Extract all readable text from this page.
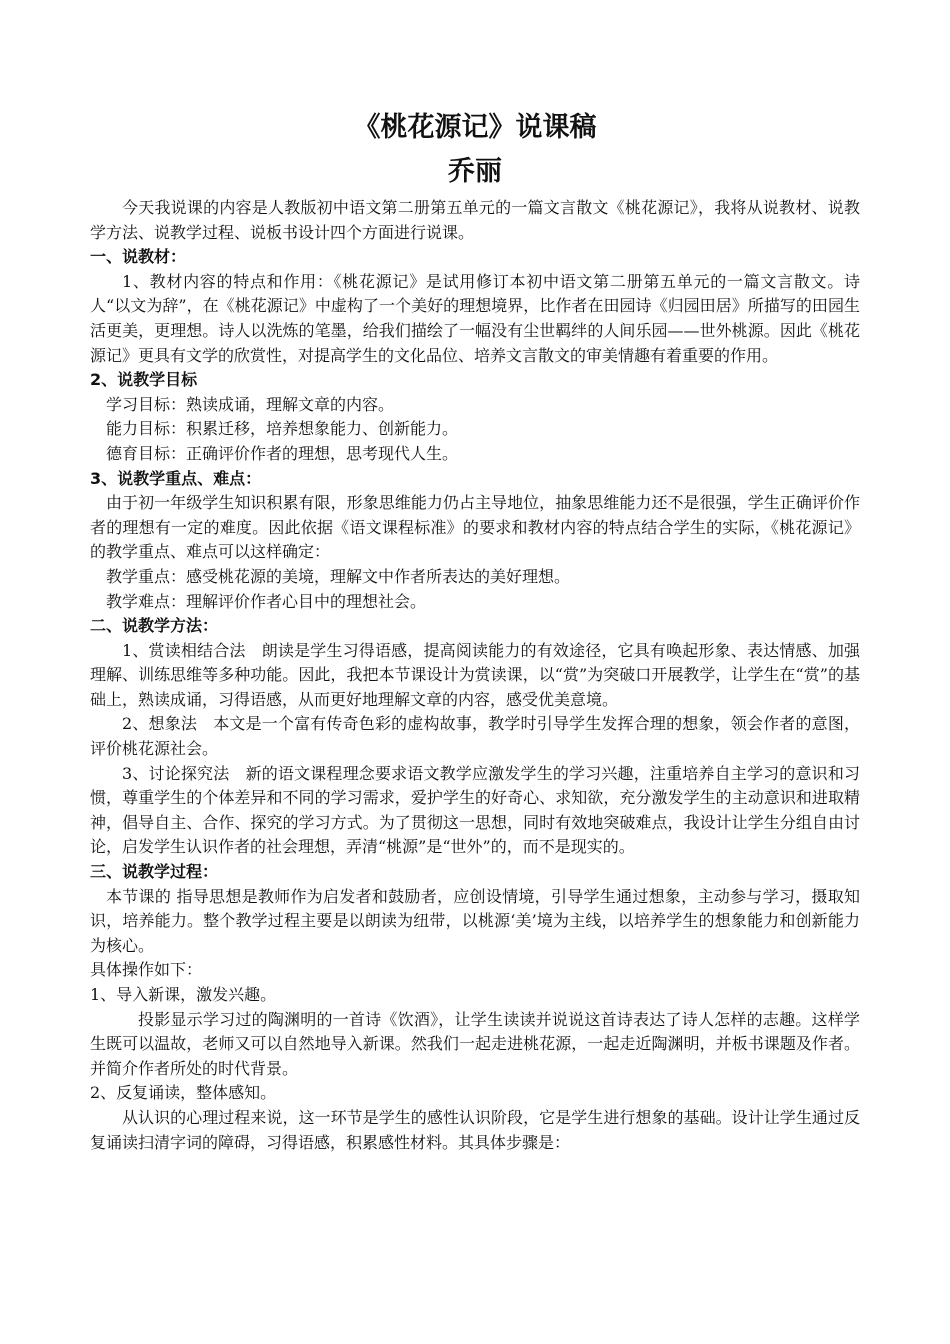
《桃花源记》说课稿
乔丽

今天我说课的内容是人教版初中语文第二册第五单元的一篇文言散文《桃花源记》，我将从说教材、说教学方法、说教学过程、说板书设计四个方面进行说课。

一、说教材：

1、教材内容的特点和作用：《桃花源记》是试用修订本初中语文第二册第五单元的一篇文言散文。诗人“以文为辞”，在《桃花源记》中虚构了一个美好的理想境界，比作者在田园诗《归园田居》所描写的田园生活更美，更理想。诗人以洗炼的笔墨，给我们描绘了一幅没有尘世羁绊的人间乐园——世外桃源。因此《桃花源记》更具有文学的欣赏性，对提高学生的文化品位、培养文言散文的审美情趣有着重要的作用。

2、说教学目标

学习目标：熟读成诵，理解文章的内容。

能力目标：积累迁移，培养想象能力、创新能力。

德育目标：正确评价作者的理想，思考现代人生。

3、说教学重点、难点：

由于初一年级学生知识积累有限，形象思维能力仍占主导地位，抽象思维能力还不是很强，学生正确评价作者的理想有一定的难度。因此依据《语文课程标准》的要求和教材内容的特点结合学生的实际，《桃花源记》的教学重点、难点可以这样确定：

教学重点：感受桃花源的美境，理解文中作者所表达的美好理想。

教学难点：理解评价作者心目中的理想社会。

二、说教学方法：

1、赏读相结合法　朗读是学生习得语感，提高阅读能力的有效途径，它具有唤起形象、表达情感、加强理解、训练思维等多种功能。因此，我把本节课设计为赏读课，以“赏”为突破口开展教学，让学生在“赏”的基础上，熟读成诵，习得语感，从而更好地理解文章的内容，感受优美意境。

2、想象法　本文是一个富有传奇色彩的虚构故事，教学时引导学生发挥合理的想象，领会作者的意图，评价桃花源社会。

3、讨论探究法　新的语文课程理念要求语文教学应激发学生的学习兴趣，注重培养自主学习的意识和习惯，尊重学生的个体差异和不同的学习需求，爱护学生的好奇心、求知欲，充分激发学生的主动意识和进取精神，倡导自主、合作、探究的学习方式。为了贯彻这一思想，同时有效地突破难点，我设计让学生分组自由讨论，启发学生认识作者的社会理想，弄清“桃源”是“世外”的，而不是现实的。

三、说教学过程：

本节课的 指导思想是教师作为启发者和鼓励者，应创设情境，引导学生通过想象，主动参与学习，摄取知识，培养能力。整个教学过程主要是以朗读为纽带，以桃源‘美’境为主线，以培养学生的想象能力和创新能力为核心。

具体操作如下：

1、导入新课，激发兴趣。

投影显示学习过的陶渊明的一首诗《饮酒》，让学生读读并说说这首诗表达了诗人怎样的志趣。这样学生既可以温故，老师又可以自然地导入新课。然我们一起走进桃花源，一起走近陶渊明，并板书课题及作者。并简介作者所处的时代背景。

2、反复诵读，整体感知。

从认识的心理过程来说，这一环节是学生的感性认识阶段，它是学生进行想象的基础。设计让学生通过反复诵读扫清字词的障碍，习得语感，积累感性材料。其具体步骤是：
